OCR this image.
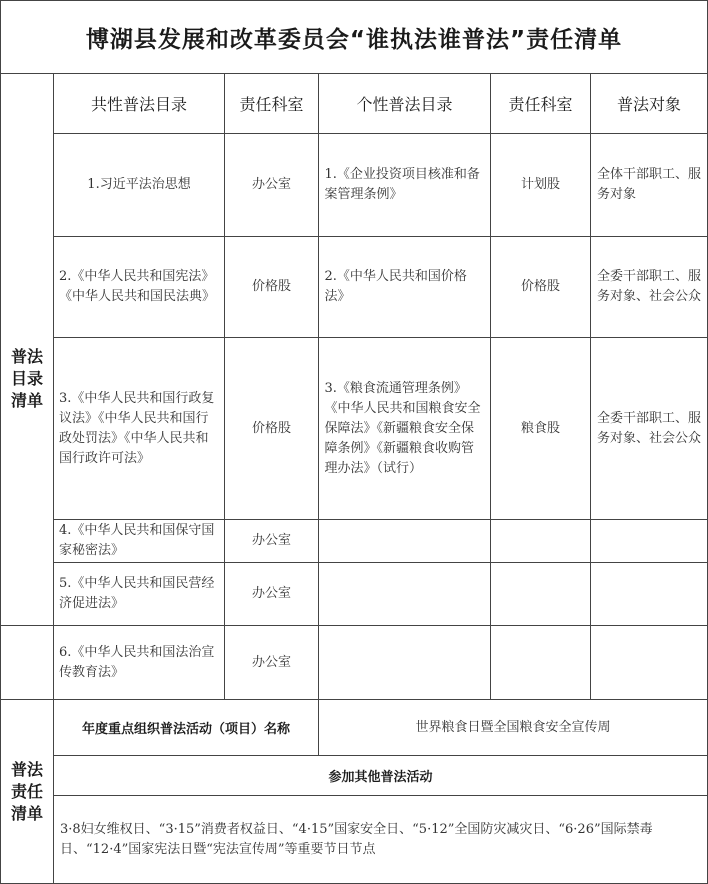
博湖县发展和改革委员会“谁执法谁普法”责任清单					
	共性普法目录	责任科室	个性普法目录	责任科室	普法对象

普法目录清单	1.习近平法治思想	办公室	1.《企业投资项目核准和备案管理条例》	计划股	全体干部职工、服务对象
	2.《中华人民共和国宪法》《中华人民共和国民法典》	价格股	2.《中华人民共和国价格法》	价格股	全委干部职工、服务对象、社会公众
	3.《中华人民共和国行政复议法》《中华人民共和国行政处罚法》《中华人民共和国行政许可法》	价格股	3.《粮食流通管理条例》《中华人民共和国粮食安全保障法》《新疆粮食安全保障条例》《新疆粮食收购管理办法》（试行）	粮食股	全委干部职工、服务对象、社会公众
	4.《中华人民共和国保守国家秘密法》	办公室			
	5.《中华人民共和国民营经济促进法》	办公室			
	6.《中华人民共和国法治宣传教育法》	办公室			

普法责任清单	年度重点组织普法活动（项目）名称		世界粮食日暨全国粮食安全宣传周		
	参加其他普法活动				
	3·8妇女维权日、“3·15”消费者权益日、“4·15”国家安全日、“5·12”全国防灾减灾日、“6·26”国际禁毒日、“12·4”国家宪法日暨“宪法宣传周”等重要节日节点				
